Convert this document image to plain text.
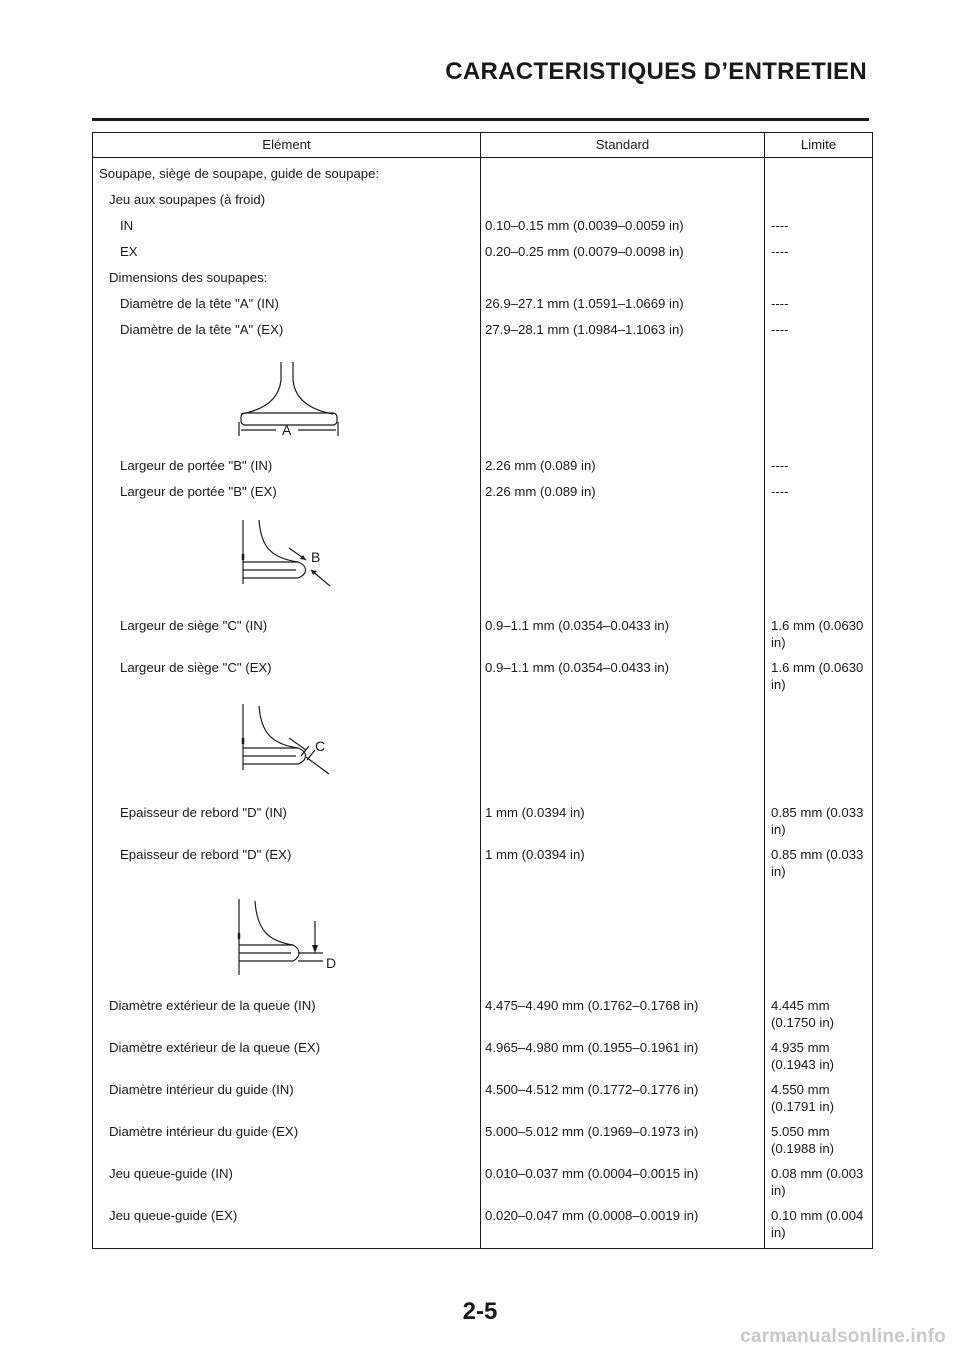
CARACTERISTIQUES D’ENTRETIEN
Elément	Standard	Limite
Soupape, siège de soupape, guide de soupape:		
Jeu aux soupapes (à froid)		
IN	0.10–0.15 mm (0.0039–0.0059 in)	----
EX	0.20–0.25 mm (0.0079–0.0098 in)	----
Dimensions des soupapes:		
Diamètre de la tête "A" (IN)	26.9–27.1 mm (1.0591–1.0669 in)	----
Diamètre de la tête "A" (EX)	27.9–28.1 mm (1.0984–1.1063 in)	----

A		

Largeur de portée "B" (IN)	2.26 mm (0.089 in)	----
Largeur de portée "B" (EX)	2.26 mm (0.089 in)	----

B		

Largeur de siège "C" (IN)	0.9–1.1 mm (0.0354–0.0433 in)	1.6 mm (0.0630 in)
Largeur de siège "C" (EX)	0.9–1.1 mm (0.0354–0.0433 in)	1.6 mm (0.0630 in)

C		

Epaisseur de rebord "D" (IN)	1 mm (0.0394 in)	0.85 mm (0.033 in)
Epaisseur de rebord "D" (EX)	1 mm (0.0394 in)	0.85 mm (0.033 in)

D		

Diamètre extérieur de la queue (IN)	4.475–4.490 mm (0.1762–0.1768 in)	4.445 mm (0.1750 in)
Diamètre extérieur de la queue (EX)	4.965–4.980 mm (0.1955–0.1961 in)	4.935 mm (0.1943 in)
Diamètre intérieur du guide (IN)	4.500–4.512 mm (0.1772–0.1776 in)	4.550 mm (0.1791 in)
Diamètre intérieur du guide (EX)	5.000–5.012 mm (0.1969–0.1973 in)	5.050 mm (0.1988 in)
Jeu queue-guide (IN)	0.010–0.037 mm (0.0004–0.0015 in)	0.08 mm (0.003 in)
Jeu queue-guide (EX)	0.020–0.047 mm (0.0008–0.0019 in)	0.10 mm (0.004 in)
2-5
carmanualsonline.info
